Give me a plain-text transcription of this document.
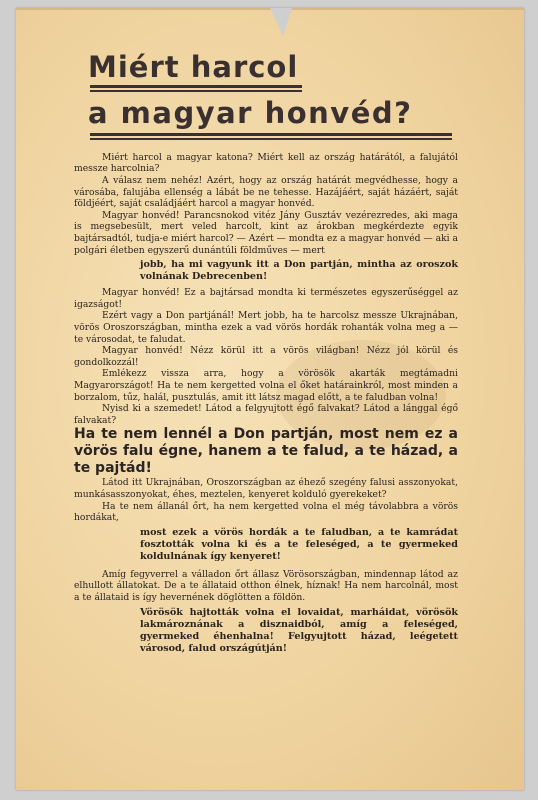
Miért harcol
a magyar honvéd?

Miért harcol a magyar katona? Miért kell az ország határától, a falujától messze harcolnia?

A válasz nem nehéz! Azért, hogy az ország határát megvédhesse, hogy a városába, falujába ellenség a lábát be ne tehesse. Hazájáért, saját házáért, saját földjéért, saját családjáért harcol a magyar honvéd.

Magyar honvéd! Parancsnokod vitéz Jány Gusztáv vezérezredes, aki maga is megsebesült, mert veled harcolt, kint az árokban megkérdezte egyik bajtársadtól, tudja-e miért harcol? — Azért — mondta ez a magyar honvéd — aki a polgári életben egyszerű dunántúli földműves — mert

jobb, ha mi vagyunk itt a Don partján, mintha az oroszok volnának Debrecenben!

Magyar honvéd! Ez a bajtársad mondta ki természetes egyszerűséggel az igazságot!

Ezért vagy a Don partjánál! Mert jobb, ha te harcolsz messze Ukrajnában, vörös Oroszországban, mintha ezek a vad vörös hordák rohanták volna meg a — te városodat, te faludat.

Magyar honvéd! Nézz körül itt a vörös világban! Nézz jól körül és gondolkozzál!

Emlékezz vissza arra, hogy a vörösök akarták megtámadni Magyarországot! Ha te nem kergetted volna el őket határainkról, most minden a borzalom, tűz, halál, pusztulás, amit itt látsz magad előtt, a te faludban volna!

Nyisd ki a szemedet! Látod a felgyujtott égő falvakat? Látod a lánggal égő falvakat?

Ha te nem lennél a Don partján, most nem ez a vörös falu égne, hanem a te falud, a te házad, a te pajtád!

Látod itt Ukrajnában, Oroszországban az éhező szegény falusi asszonyokat, munkásasszonyokat, éhes, meztelen, kenyeret kolduló gyerekeket?

Ha te nem állanál őrt, ha nem kergetted volna el még távolabbra a vörös hordákat,

most ezek a vörös hordák a te faludban, a te kamrádat fosztották volna ki és a te feleséged, a te gyermeked koldulnának így kenyeret!

Amíg fegyverrel a válladon őrt állasz Vörösországban, mindennap látod az elhullott állatokat. De a te állataid otthon élnek, híznak! Ha nem harcolnál, most a te állataid is így hevernének döglötten a földön.

Vörösök hajtották volna el lovaidat, marháidat, vörösök lakmároznának a disznaidból, amíg a feleséged, gyermeked éhenhalna! Felgyujtott házad, leégetett városod, falud országútján!
